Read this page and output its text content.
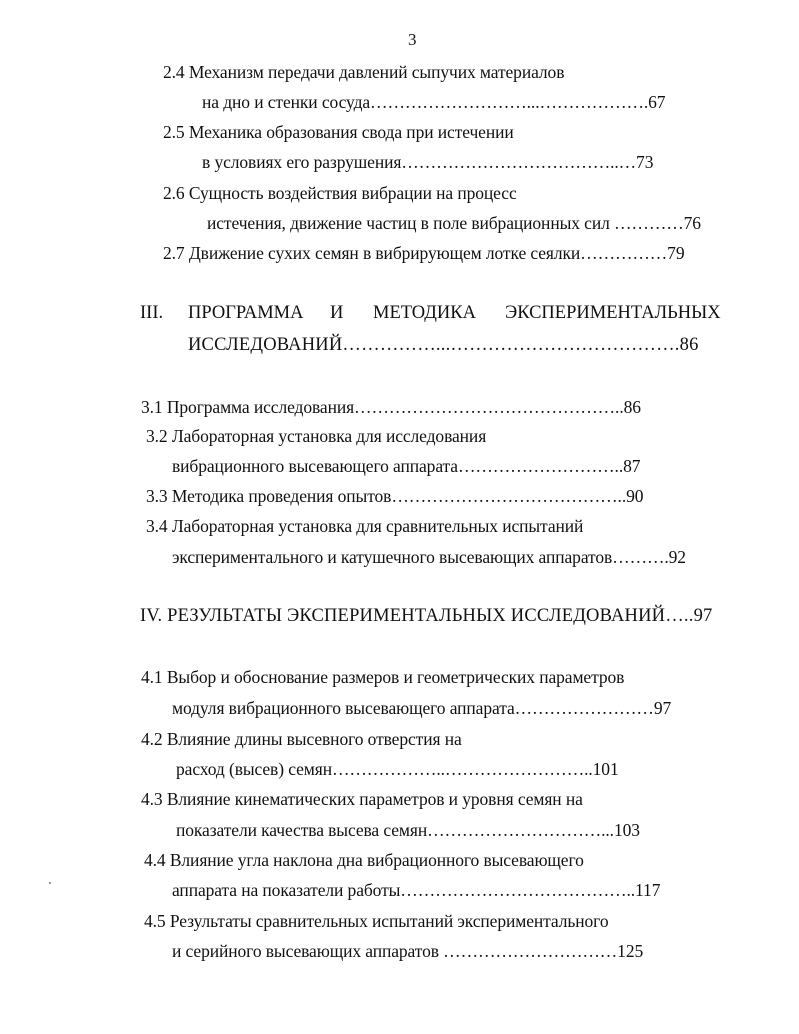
3
2.4 Механизм передачи давлений сыпучих материалов
на дно и стенки сосуда………………………...……………….67
2.5 Механика образования свода при истечении
в условиях его разрушения………………………………..…73
2.6 Сущность воздействия вибрации на процесс
истечения, движение частиц в поле вибрационных сил …………76
2.7 Движение сухих семян в вибрирующем лотке сеялки……………79
III. ПРОГРАММА И МЕТОДИКА ЭКСПЕРИМЕНТАЛЬНЫХ
ИССЛЕДОВАНИЙ……………...……………………………….86
3.1 Программа исследования………………………………………..86
3.2 Лабораторная установка для исследования
вибрационного высевающего аппарата………………………..87
3.3 Методика проведения опытов…………………………………..90
3.4 Лабораторная установка для сравнительных испытаний
экспериментального и катушечного высевающих аппаратов……….92
IV. РЕЗУЛЬТАТЫ ЭКСПЕРИМЕНТАЛЬНЫХ ИССЛЕДОВАНИЙ…..97
4.1 Выбор и обоснование размеров и геометрических параметров
модуля вибрационного высевающего аппарата……………………97
4.2 Влияние длины высевного отверстия на
расход (высев) семян………………..……………………..101
4.3 Влияние кинематических параметров и уровня семян на
показатели качества высева семян…………………………...103
4.4 Влияние угла наклона дна вибрационного высевающего
аппарата на показатели работы…………………………………..117
4.5 Результаты сравнительных испытаний экспериментального
и серийного высевающих аппаратов …………………………125
